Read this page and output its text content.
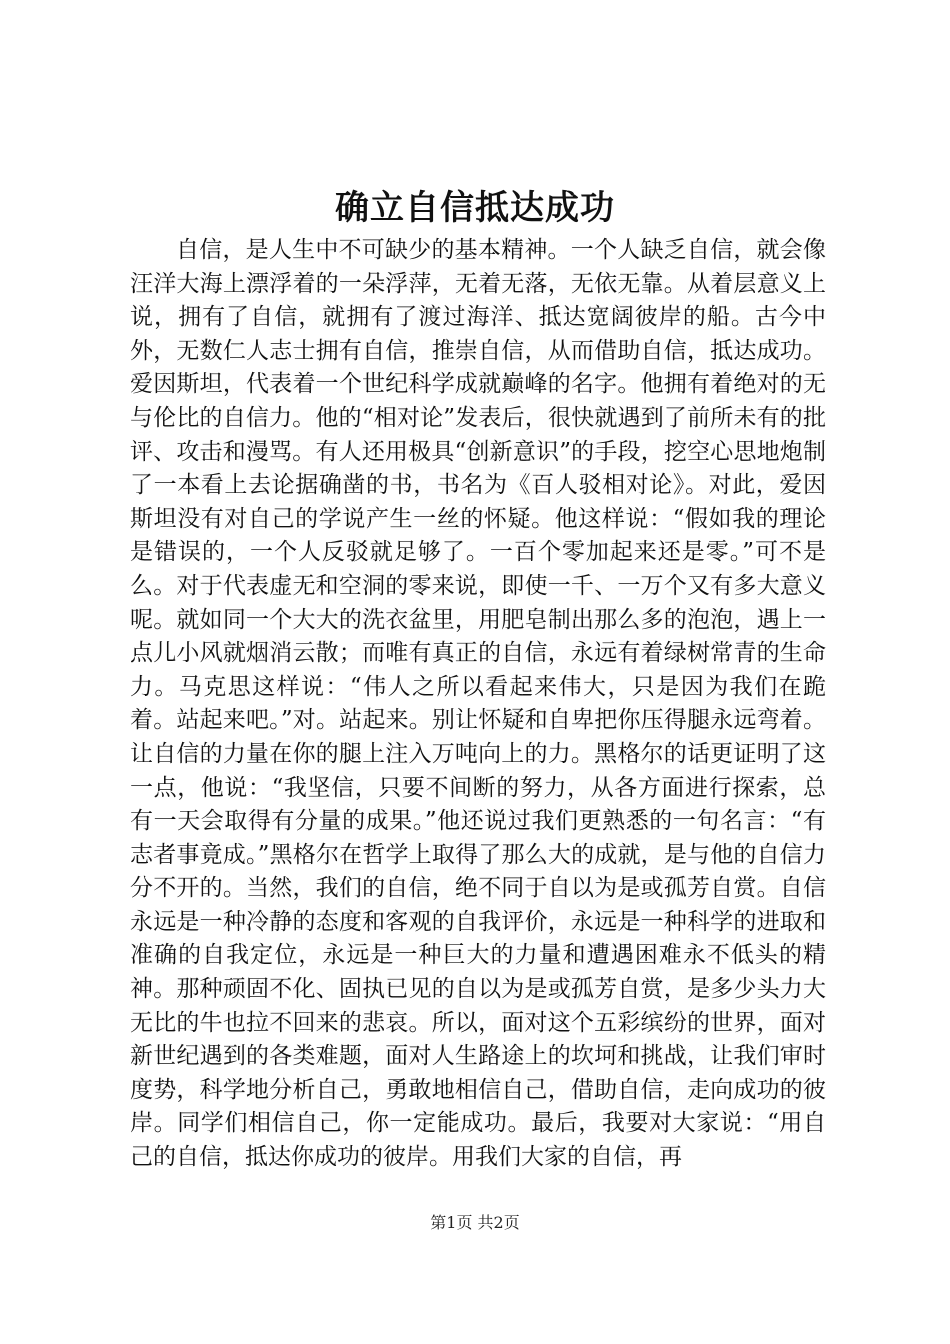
确立自信抵达成功

自信，是人生中不可缺少的基本精神。一个人缺乏自信，就会像汪洋大海上漂浮着的一朵浮萍，无着无落，无依无靠。从着层意义上说，拥有了自信，就拥有了渡过海洋、抵达宽阔彼岸的船。古今中外，无数仁人志士拥有自信，推崇自信，从而借助自信，抵达成功。爱因斯坦，代表着一个世纪科学成就巅峰的名字。他拥有着绝对的无与伦比的自信力。他的“相对论”发表后，很快就遇到了前所未有的批评、攻击和漫骂。有人还用极具“创新意识”的手段，挖空心思地炮制了一本看上去论据确凿的书，书名为《百人驳相对论》。对此，爱因斯坦没有对自己的学说产生一丝的怀疑。他这样说：“假如我的理论是错误的，一个人反驳就足够了。一百个零加起来还是零。”可不是么。对于代表虚无和空洞的零来说，即使一千、一万个又有多大意义呢。就如同一个大大的洗衣盆里，用肥皂制出那么多的泡泡，遇上一点儿小风就烟消云散；而唯有真正的自信，永远有着绿树常青的生命力。马克思这样说：“伟人之所以看起来伟大，只是因为我们在跪着。站起来吧。”对。站起来。别让怀疑和自卑把你压得腿永远弯着。让自信的力量在你的腿上注入万吨向上的力。黑格尔的话更证明了这一点，他说：“我坚信，只要不间断的努力，从各方面进行探索，总有一天会取得有分量的成果。”他还说过我们更熟悉的一句名言：“有志者事竟成。”黑格尔在哲学上取得了那么大的成就，是与他的自信力分不开的。当然，我们的自信，绝不同于自以为是或孤芳自赏。自信永远是一种冷静的态度和客观的自我评价，永远是一种科学的进取和准确的自我定位，永远是一种巨大的力量和遭遇困难永不低头的精神。那种顽固不化、固执已见的自以为是或孤芳自赏，是多少头力大无比的牛也拉不回来的悲哀。所以，面对这个五彩缤纷的世界，面对新世纪遇到的各类难题，面对人生路途上的坎坷和挑战，让我们审时度势，科学地分析自己，勇敢地相信自己，借助自信，走向成功的彼岸。同学们相信自己，你一定能成功。最后，我要对大家说：“用自己的自信，抵达你成功的彼岸。用我们大家的自信，再

第1页 共2页
